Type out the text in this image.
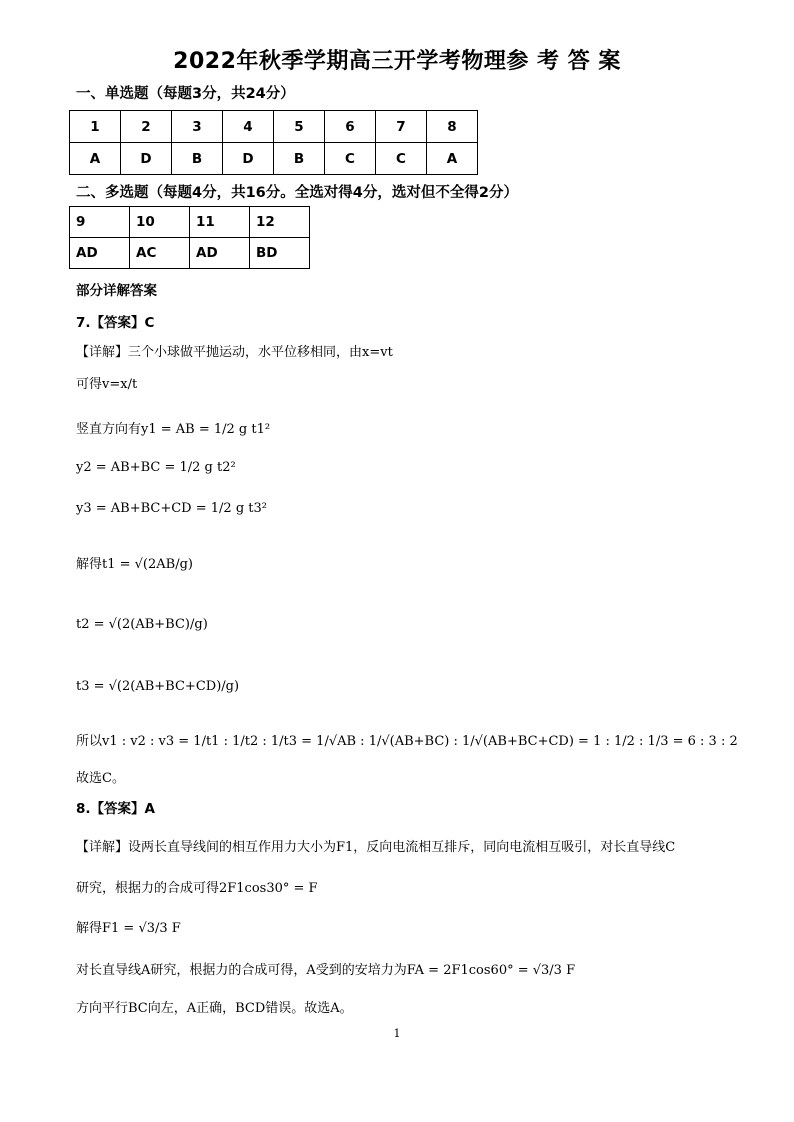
2022年秋季学期高三开学考物理参 考 答 案
一、单选题（每题3分，共24分）
1	2	3	4	5	6	7	8
A	D	B	D	B	C	C	A
二、多选题（每题4分，共16分。全选对得4分，选对但不全得2分）
9	10	11	12
AD	AC	AD	BD
部分详解答案
7.【答案】C
【详解】三个小球做平抛运动，水平位移相同，由x=vt
可得v=x/t
竖直方向有y1 = AB = 1/2 g t1²
y2 = AB+BC = 1/2 g t2²
y3 = AB+BC+CD = 1/2 g t3²
解得t1 = √(2AB/g)
t2 = √(2(AB+BC)/g)
t3 = √(2(AB+BC+CD)/g)
所以v1 : v2 : v3 = 1/t1 : 1/t2 : 1/t3 = 1/√AB : 1/√(AB+BC) : 1/√(AB+BC+CD) = 1 : 1/2 : 1/3 = 6 : 3 : 2
故选C。
8.【答案】A
【详解】设两长直导线间的相互作用力大小为F1，反向电流相互排斥，同向电流相互吸引，对长直导线C
研究，根据力的合成可得2F1cos30° = F
解得F1 = √3/3 F
对长直导线A研究，根据力的合成可得，A受到的安培力为FA = 2F1cos60° = √3/3 F
方向平行BC向左，A正确，BCD错误。故选A。
1
